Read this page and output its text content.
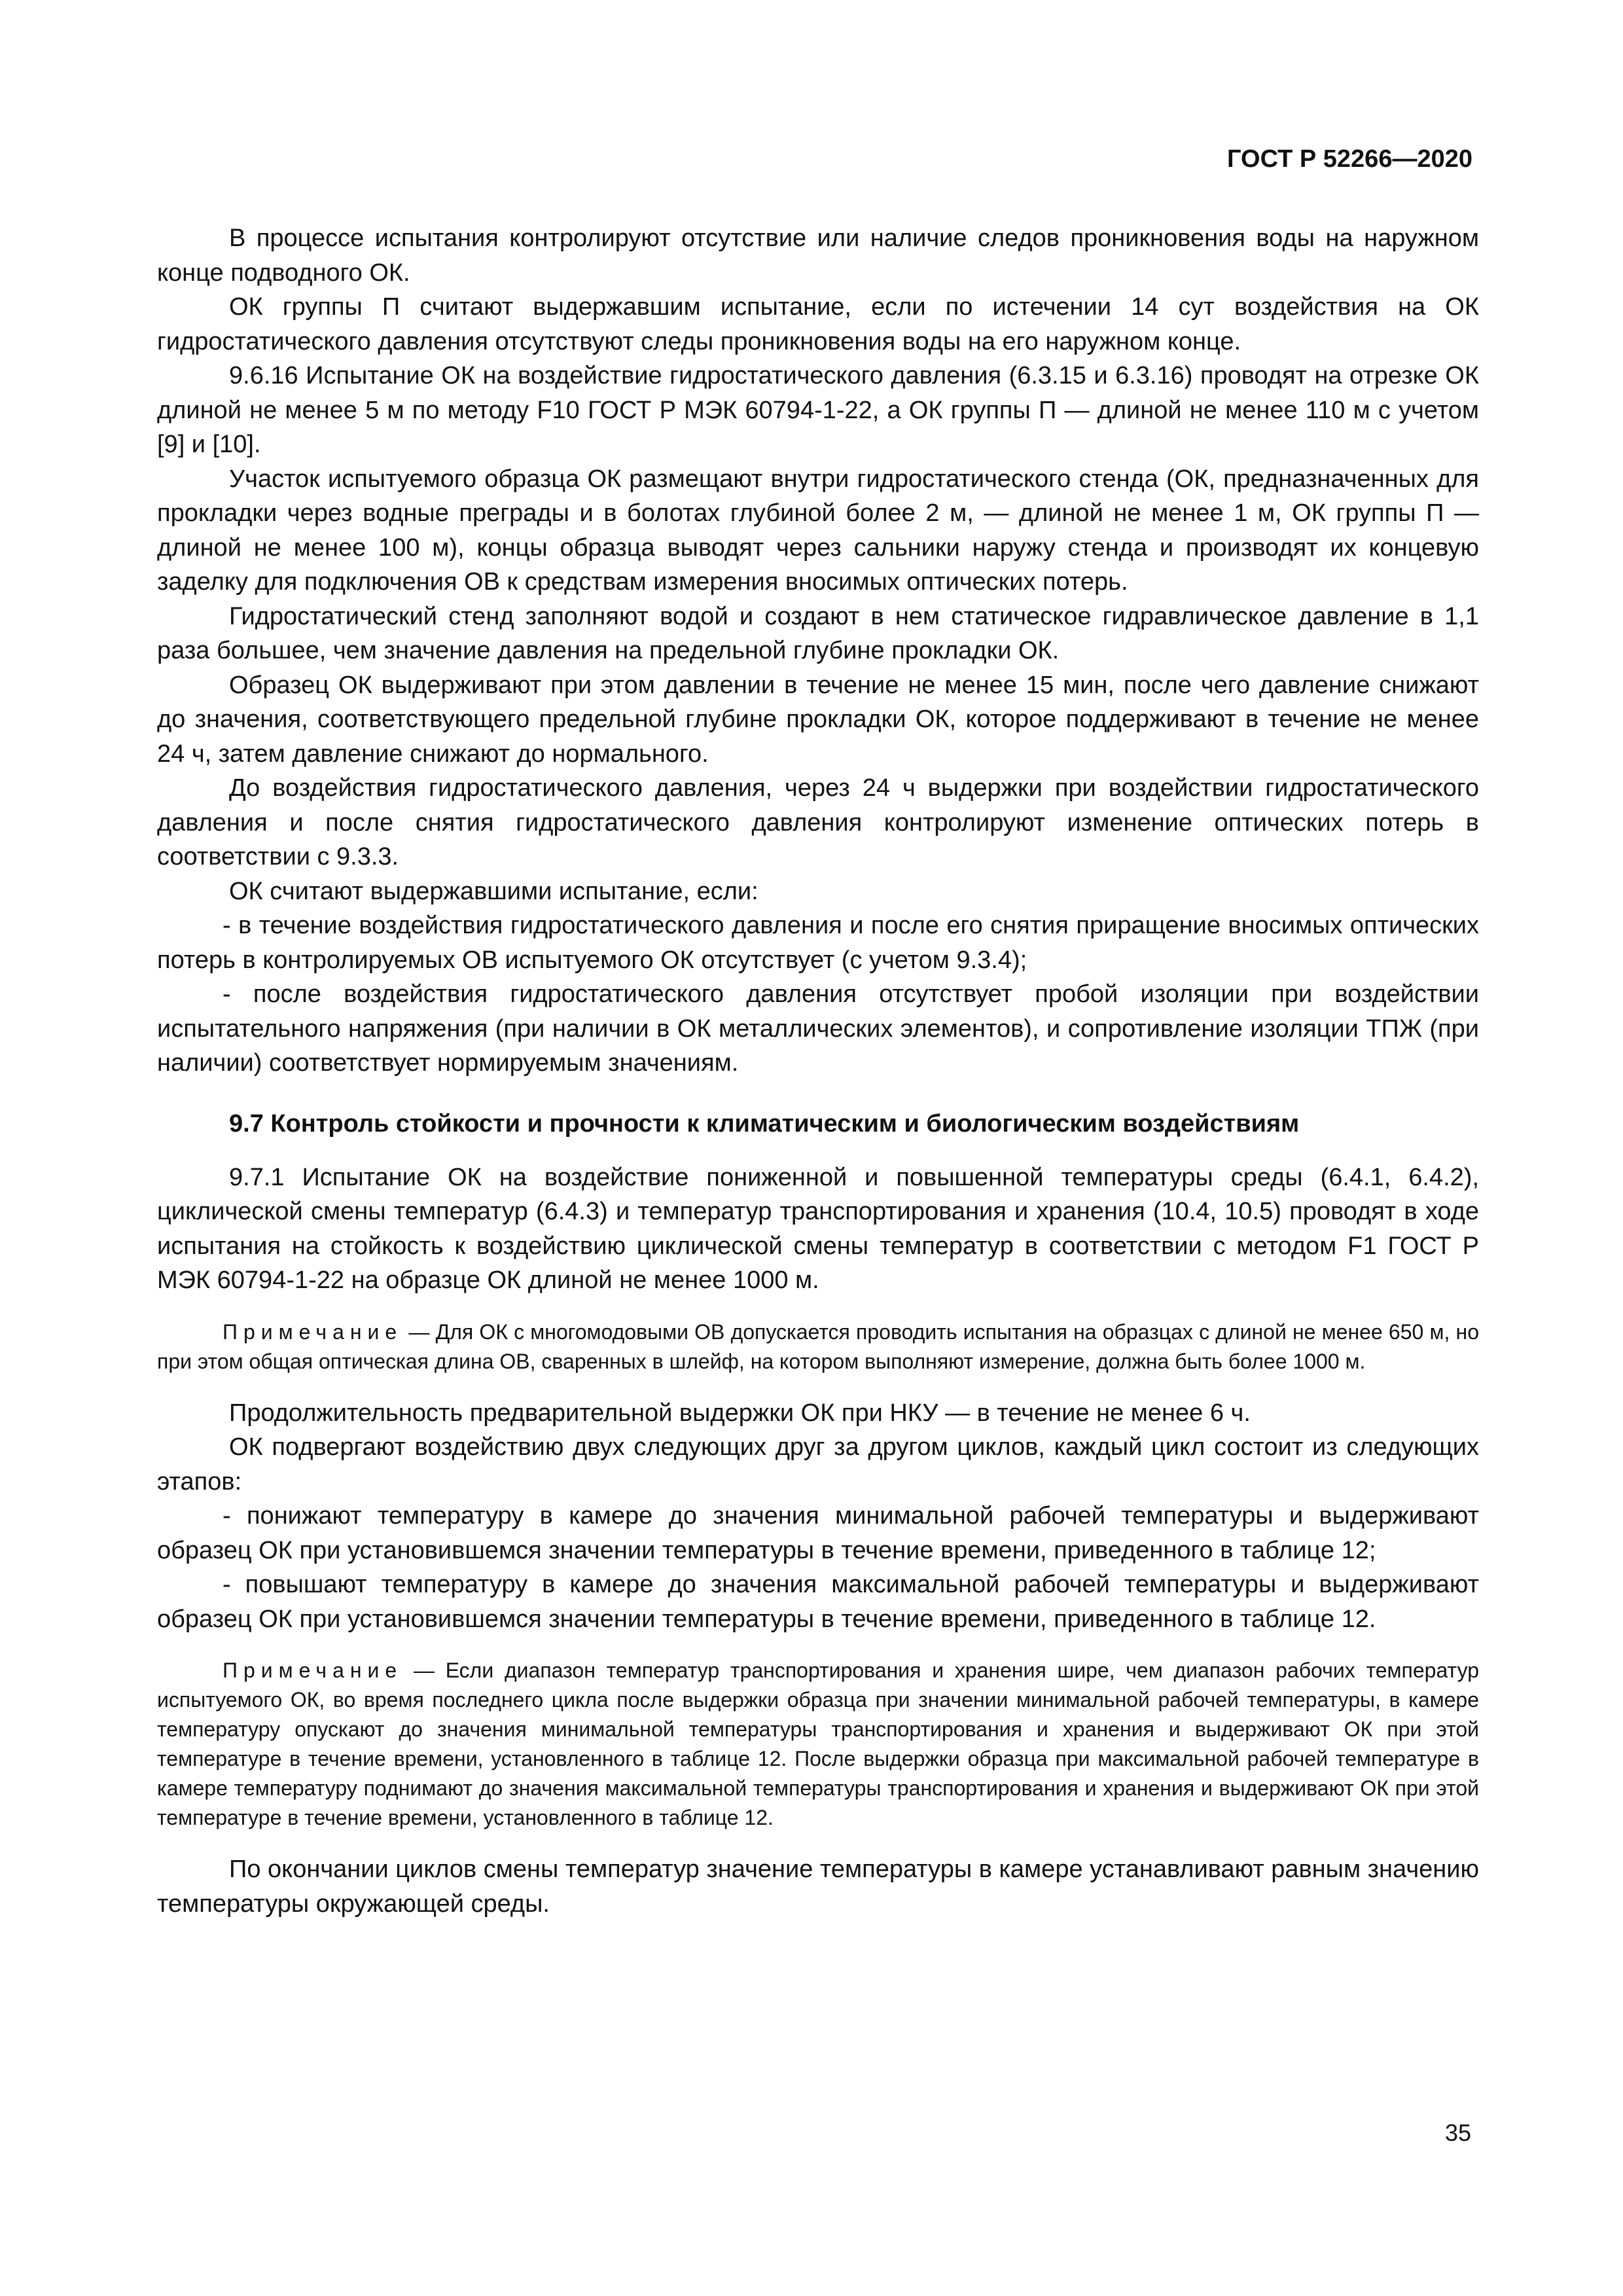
ГОСТ Р 52266—2020

В процессе испытания контролируют отсутствие или наличие следов проникновения воды на наружном конце подводного ОК.

ОК группы П считают выдержавшим испытание, если по истечении 14 сут воздействия на ОК гидростатического давления отсутствуют следы проникновения воды на его наружном конце.

9.6.16 Испытание ОК на воздействие гидростатического давления (6.3.15 и 6.3.16) проводят на отрезке ОК длиной не менее 5 м по методу F10 ГОСТ Р МЭК 60794-1-22, а ОК группы П — длиной не менее 110 м с учетом [9] и [10].

Участок испытуемого образца ОК размещают внутри гидростатического стенда (ОК, предназначенных для прокладки через водные преграды и в болотах глубиной более 2 м, — длиной не менее 1 м, ОК группы П — длиной не менее 100 м), концы образца выводят через сальники наружу стенда и производят их концевую заделку для подключения ОВ к средствам измерения вносимых оптических потерь.

Гидростатический стенд заполняют водой и создают в нем статическое гидравлическое давление в 1,1 раза большее, чем значение давления на предельной глубине прокладки ОК.

Образец ОК выдерживают при этом давлении в течение не менее 15 мин, после чего давление снижают до значения, соответствующего предельной глубине прокладки ОК, которое поддерживают в течение не менее 24 ч, затем давление снижают до нормального.

До воздействия гидростатического давления, через 24 ч выдержки при воздействии гидростатического давления и после снятия гидростатического давления контролируют изменение оптических потерь в соответствии с 9.3.3.

ОК считают выдержавшими испытание, если:

- в течение воздействия гидростатического давления и после его снятия приращение вносимых оптических потерь в контролируемых ОВ испытуемого ОК отсутствует (с учетом 9.3.4);

- после воздействия гидростатического давления отсутствует пробой изоляции при воздействии испытательного напряжения (при наличии в ОК металлических элементов), и сопротивление изоляции ТПЖ (при наличии) соответствует нормируемым значениям.

9.7 Контроль стойкости и прочности к климатическим и биологическим воздействиям

9.7.1 Испытание ОК на воздействие пониженной и повышенной температуры среды (6.4.1, 6.4.2), циклической смены температур (6.4.3) и температур транспортирования и хранения (10.4, 10.5) проводят в ходе испытания на стойкость к воздействию циклической смены температур в соответствии с методом F1 ГОСТ Р МЭК 60794-1-22 на образце ОК длиной не менее 1000 м.

Примечание — Для ОК с многомодовыми ОВ допускается проводить испытания на образцах с длиной не менее 650 м, но при этом общая оптическая длина ОВ, сваренных в шлейф, на котором выполняют измерение, должна быть более 1000 м.

Продолжительность предварительной выдержки ОК при НКУ — в течение не менее 6 ч.

ОК подвергают воздействию двух следующих друг за другом циклов, каждый цикл состоит из следующих этапов:

- понижают температуру в камере до значения минимальной рабочей температуры и выдерживают образец ОК при установившемся значении температуры в течение времени, приведенного в таблице 12;

- повышают температуру в камере до значения максимальной рабочей температуры и выдерживают образец ОК при установившемся значении температуры в течение времени, приведенного в таблице 12.

Примечание — Если диапазон температур транспортирования и хранения шире, чем диапазон рабочих температур испытуемого ОК, во время последнего цикла после выдержки образца при значении минимальной рабочей температуры, в камере температуру опускают до значения минимальной температуры транспортирования и хранения и выдерживают ОК при этой температуре в течение времени, установленного в таблице 12. После выдержки образца при максимальной рабочей температуре в камере температуру поднимают до значения максимальной температуры транспортирования и хранения и выдерживают ОК при этой температуре в течение времени, установленного в таблице 12.

По окончании циклов смены температур значение температуры в камере устанавливают равным значению температуры окружающей среды.

35
